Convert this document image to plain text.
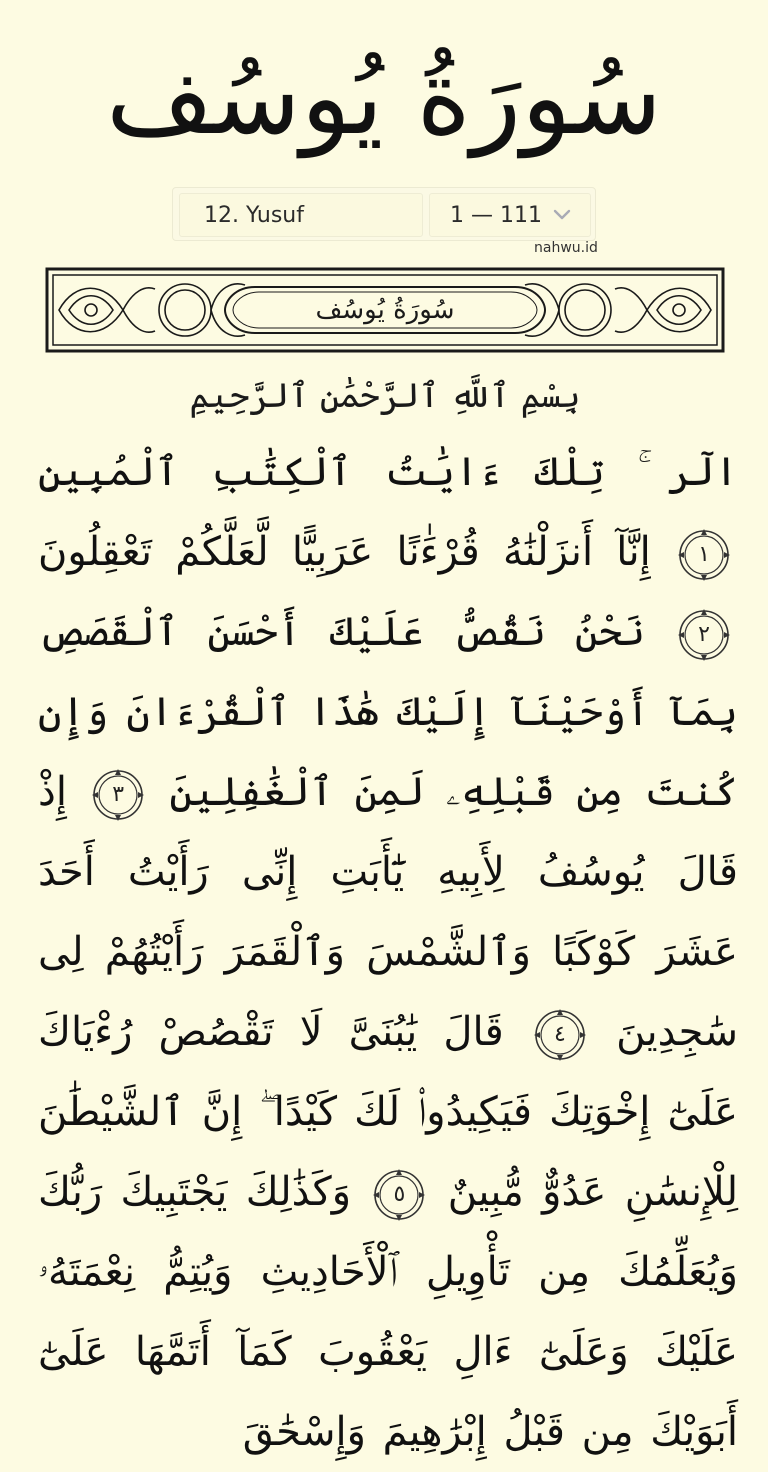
سُورَةُ يُوسُف
12. Yusuf	1 — 111
nahwu.id
سُورَةُ يُوسُف
بِسْمِ ٱللَّهِ ٱلرَّحْمَٰنِ ٱلرَّحِيمِ
الٓر ۚ تِلْكَ ءَايَٰتُ ٱلْكِتَٰبِ ٱلْمُبِينِ
١
إِنَّآ أَنزَلْنَٰهُ قُرْءَٰنًا عَرَبِيًّا لَّعَلَّكُمْ تَعْقِلُونَ
٢
نَحْنُ نَقُصُّ عَلَيْكَ أَحْسَنَ ٱلْقَصَصِ بِمَآ أَوْحَيْنَآ إِلَيْكَ هَٰذَا ٱلْقُرْءَانَ وَإِن كُنتَ مِن قَبْلِهِۦ لَمِنَ ٱلْغَٰفِلِينَ
٣
إِذْ قَالَ يُوسُفُ لِأَبِيهِ يَٰٓأَبَتِ إِنِّى رَأَيْتُ أَحَدَ عَشَرَ كَوْكَبًا وَٱلشَّمْسَ وَٱلْقَمَرَ رَأَيْتُهُمْ لِى سَٰجِدِينَ
٤
قَالَ يَٰبُنَىَّ لَا تَقْصُصْ رُءْيَاكَ عَلَىٰٓ إِخْوَتِكَ فَيَكِيدُوا۟ لَكَ كَيْدًا ۖ إِنَّ ٱلشَّيْطَٰنَ لِلْإِنسَٰنِ عَدُوٌّ مُّبِينٌ
٥
وَكَذَٰلِكَ يَجْتَبِيكَ رَبُّكَ وَيُعَلِّمُكَ مِن تَأْوِيلِ ٱلْأَحَادِيثِ وَيُتِمُّ نِعْمَتَهُۥ عَلَيْكَ وَعَلَىٰٓ ءَالِ يَعْقُوبَ كَمَآ أَتَمَّهَا عَلَىٰٓ أَبَوَيْكَ مِن قَبْلُ إِبْرَٰهِيمَ وَإِسْحَٰقَ
